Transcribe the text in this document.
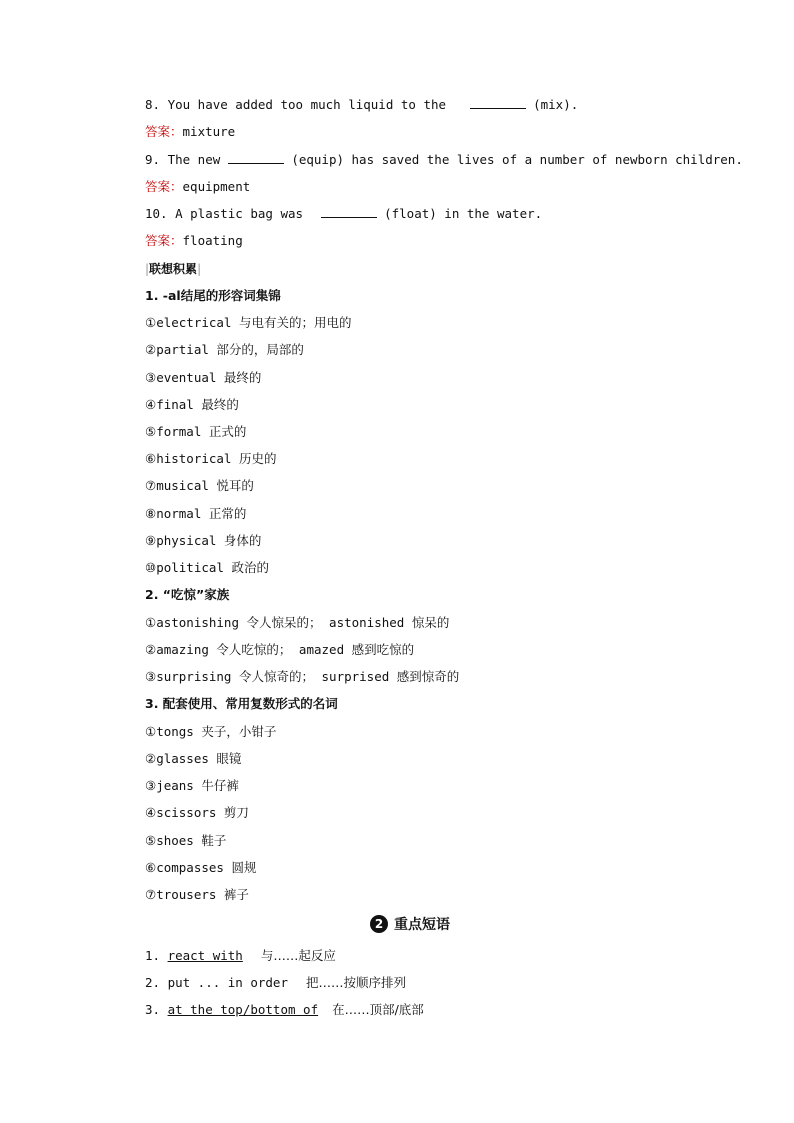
8. You have added too much liquid to the	(mix).
答案：mixture
9. The new	(equip) has saved the lives of a number of newborn children.
答案：equipment
10. A plastic bag was	(float) in the water.
答案：floating
|联想积累|
1. -al结尾的形容词集锦
①electrical 与电有关的；用电的
②partial 部分的，局部的
③eventual 最终的
④final 最终的
⑤formal 正式的
⑥historical 历史的
⑦musical 悦耳的
⑧normal 正常的
⑨physical 身体的
⑩political 政治的
2. “吃惊”家族
①astonishing 令人惊呆的； astonished 惊呆的
②amazing 令人吃惊的； amazed 感到吃惊的
③surprising 令人惊奇的； surprised 感到惊奇的
3. 配套使用、常用复数形式的名词
①tongs 夹子，小钳子
②glasses 眼镜
③jeans 牛仔裤
④scissors 剪刀
⑤shoes 鞋子
⑥compasses 圆规
⑦trousers 裤子
2 重点短语
1. react with 与……起反应
2. put ... in order 把……按顺序排列
3. at the top/bottom of 在……顶部/底部
